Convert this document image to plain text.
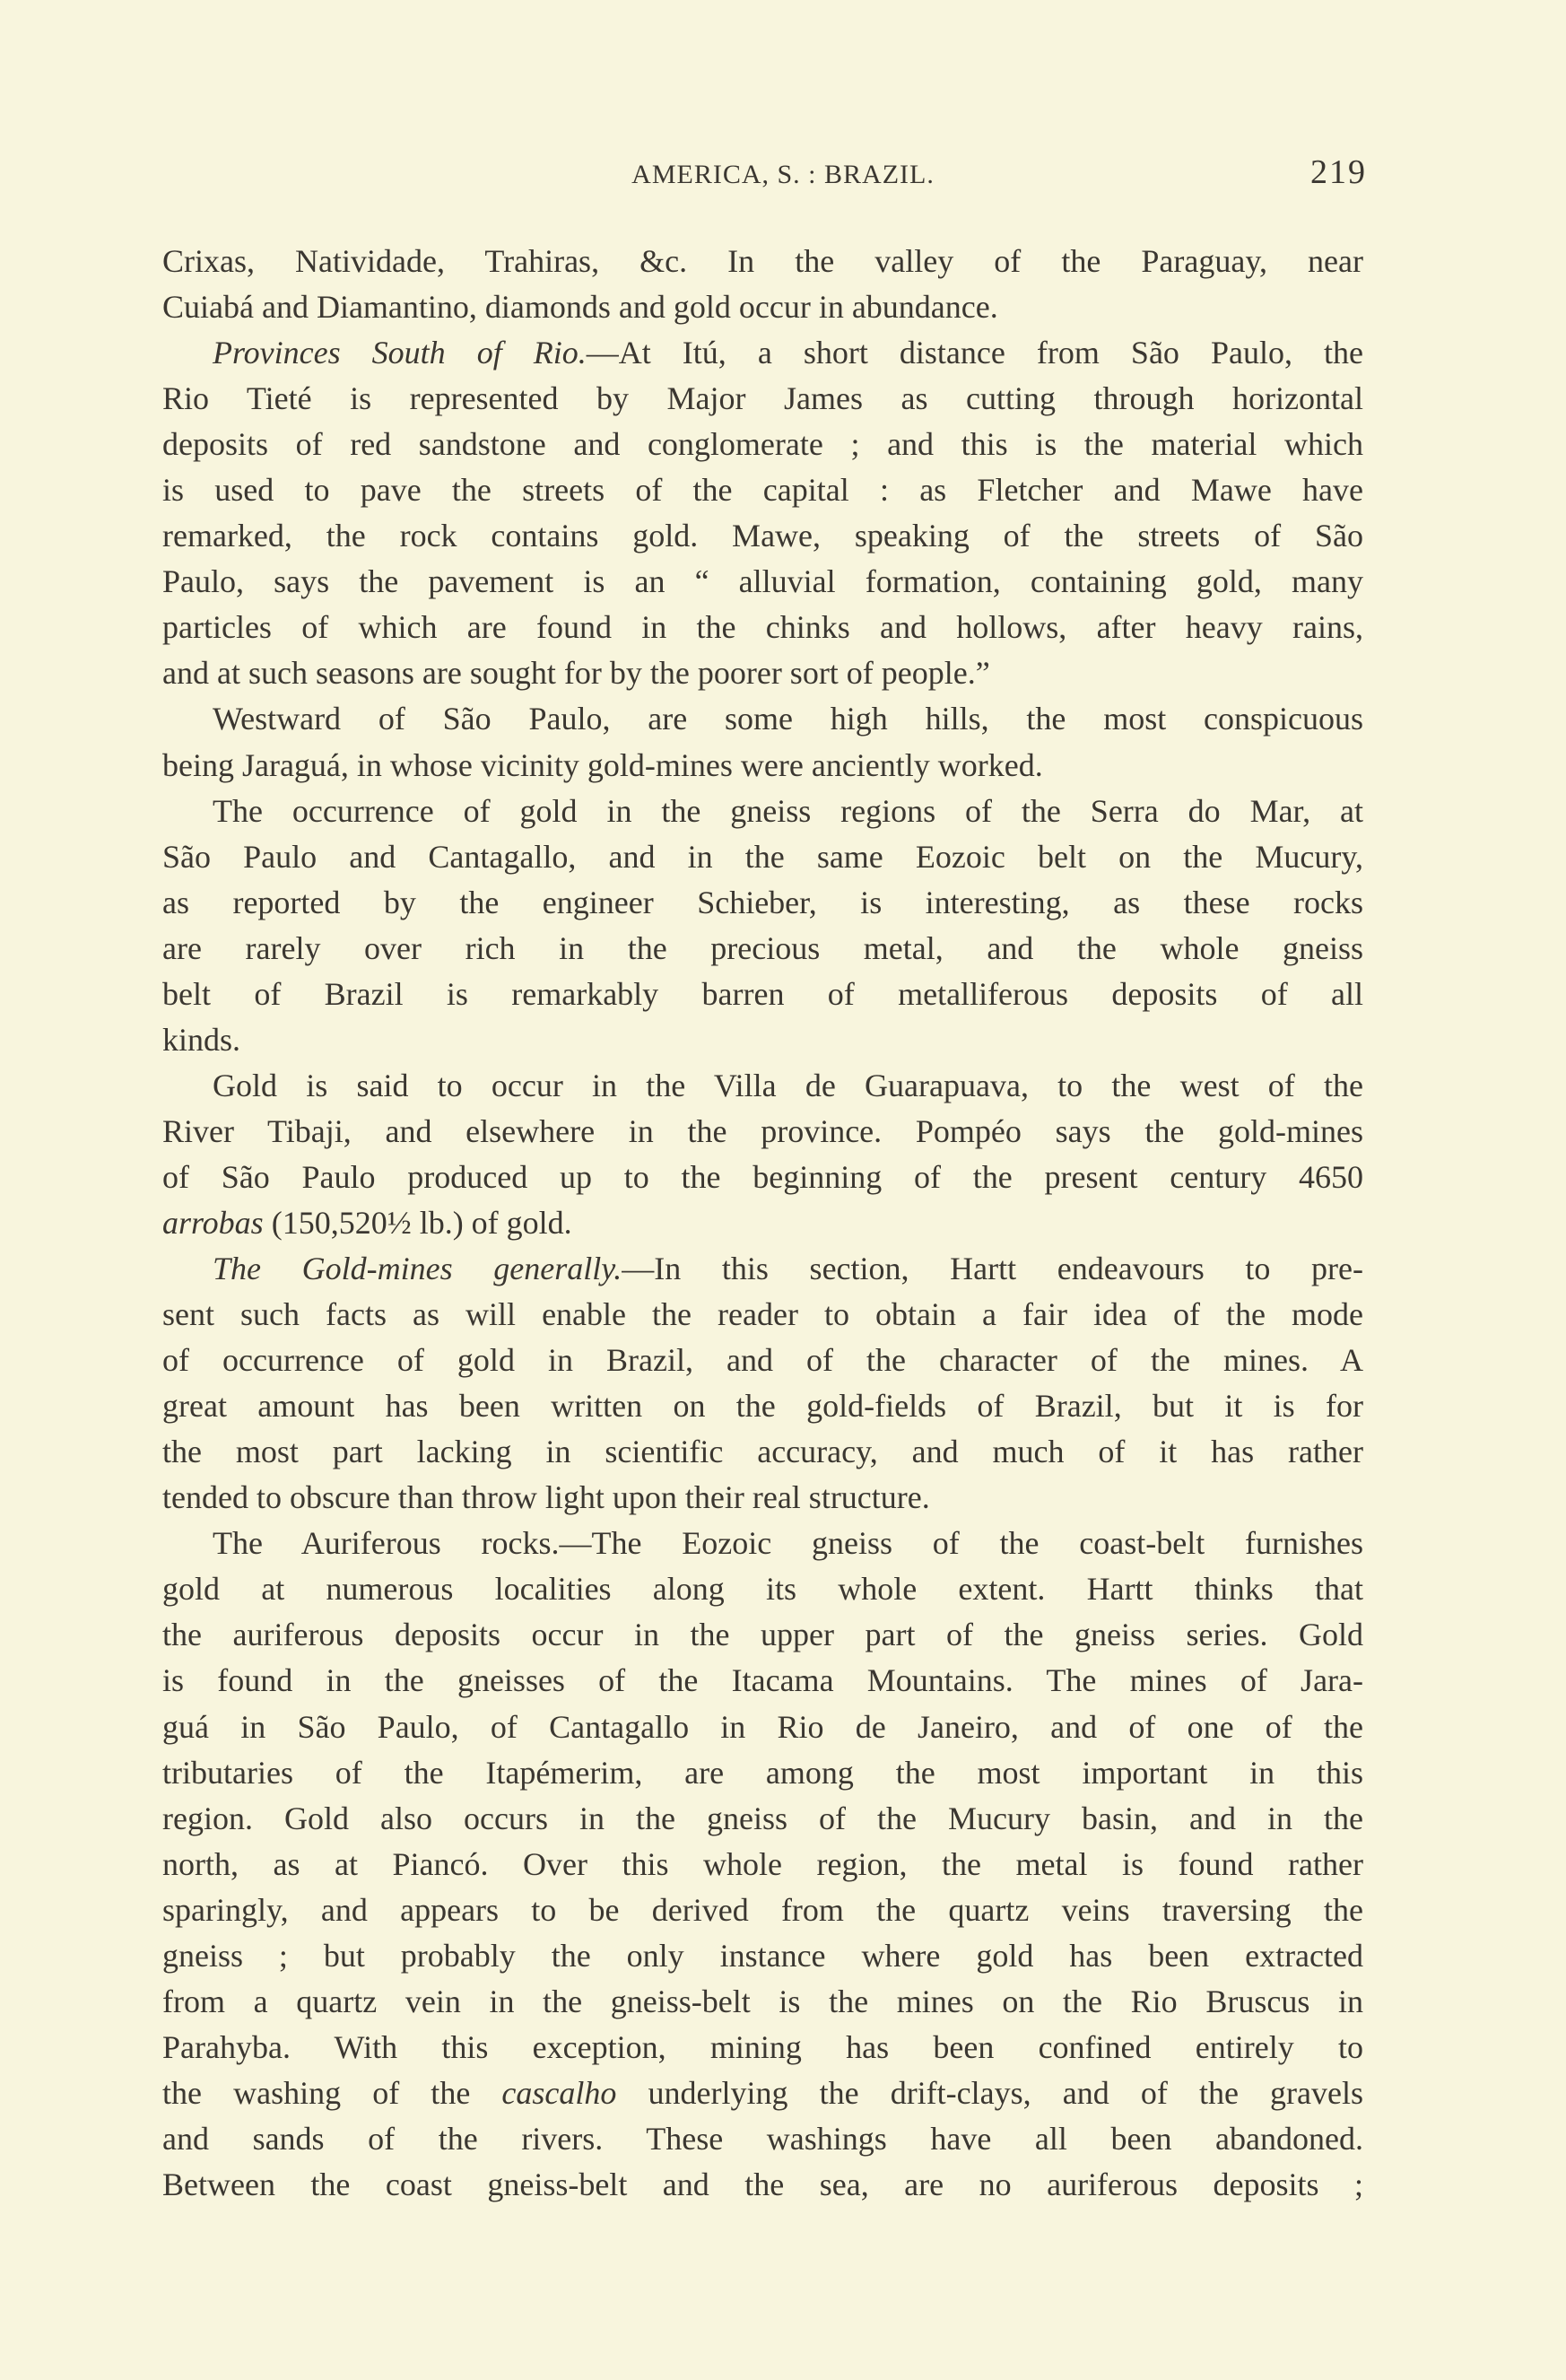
AMERICA, S. : BRAZIL.	219
Crixas, Natividade, Trahiras, &c. In the valley of the Paraguay, near
Cuiabá and Diamantino, diamonds and gold occur in abundance.
Provinces South of Rio.—At Itú, a short distance from São Paulo, the
Rio Tieté is represented by Major James as cutting through horizontal
deposits of red sandstone and conglomerate ; and this is the material which
is used to pave the streets of the capital : as Fletcher and Mawe have
remarked, the rock contains gold. Mawe, speaking of the streets of São
Paulo, says the pavement is an “ alluvial formation, containing gold, many
particles of which are found in the chinks and hollows, after heavy rains,
and at such seasons are sought for by the poorer sort of people.”
Westward of São Paulo, are some high hills, the most conspicuous
being Jaraguá, in whose vicinity gold-mines were anciently worked.
The occurrence of gold in the gneiss regions of the Serra do Mar, at
São Paulo and Cantagallo, and in the same Eozoic belt on the Mucury,
as reported by the engineer Schieber, is interesting, as these rocks
are rarely over rich in the precious metal, and the whole gneiss
belt of Brazil is remarkably barren of metalliferous deposits of all
kinds.
Gold is said to occur in the Villa de Guarapuava, to the west of the
River Tibaji, and elsewhere in the province. Pompéo says the gold-mines
of São Paulo produced up to the beginning of the present century 4650
arrobas (150,520½ lb.) of gold.
The Gold-mines generally.—In this section, Hartt endeavours to pre-
sent such facts as will enable the reader to obtain a fair idea of the mode
of occurrence of gold in Brazil, and of the character of the mines. A
great amount has been written on the gold-fields of Brazil, but it is for
the most part lacking in scientific accuracy, and much of it has rather
tended to obscure than throw light upon their real structure.
The Auriferous rocks.—The Eozoic gneiss of the coast-belt furnishes
gold at numerous localities along its whole extent. Hartt thinks that
the auriferous deposits occur in the upper part of the gneiss series. Gold
is found in the gneisses of the Itacama Mountains. The mines of Jara-
guá in São Paulo, of Cantagallo in Rio de Janeiro, and of one of the
tributaries of the Itapémerim, are among the most important in this
region. Gold also occurs in the gneiss of the Mucury basin, and in the
north, as at Piancó. Over this whole region, the metal is found rather
sparingly, and appears to be derived from the quartz veins traversing the
gneiss ; but probably the only instance where gold has been extracted
from a quartz vein in the gneiss-belt is the mines on the Rio Bruscus in
Parahyba. With this exception, mining has been confined entirely to
the washing of the cascalho underlying the drift-clays, and of the gravels
and sands of the rivers. These washings have all been abandoned.
Between the coast gneiss-belt and the sea, are no auriferous deposits ;
